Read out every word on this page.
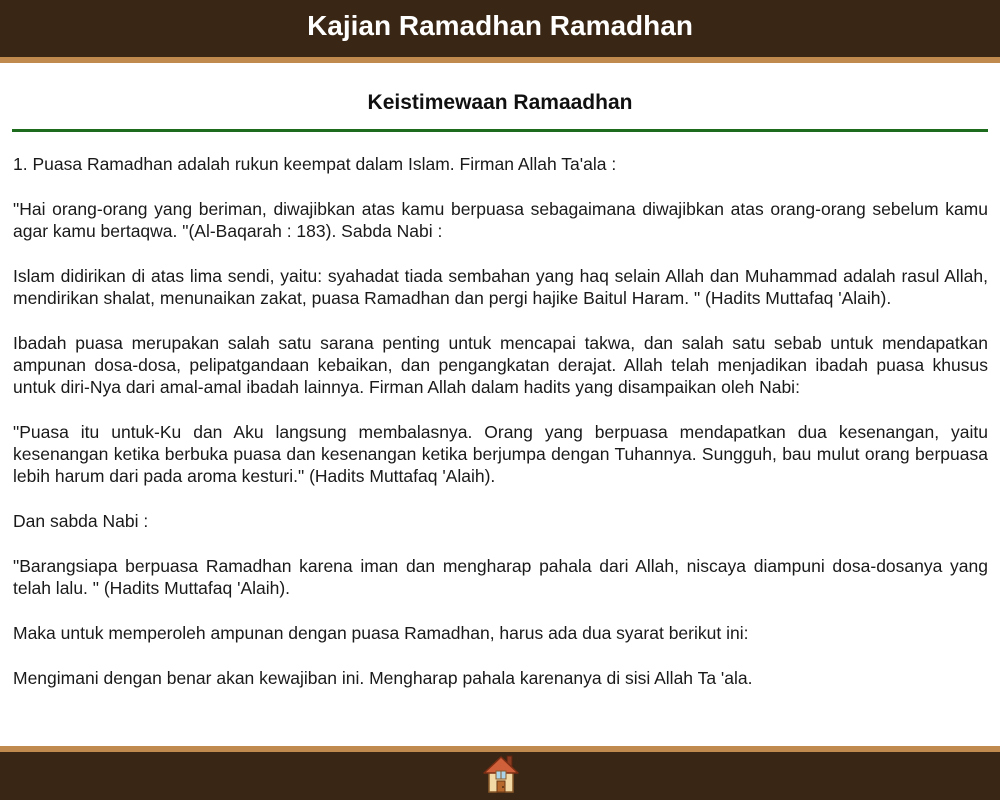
Kajian Ramadhan Ramadhan
Keistimewaan Ramaadhan

1. Puasa Ramadhan adalah rukun keempat dalam Islam. Firman Allah Ta'ala :

"Hai orang-orang yang beriman, diwajibkan atas kamu berpuasa sebagaimana diwajibkan atas orang-orang sebelum kamu agar kamu bertaqwa. "(Al-Baqarah : 183). Sabda Nabi :

Islam didirikan di atas lima sendi, yaitu: syahadat tiada sembahan yang haq selain Allah dan Muhammad adalah rasul Allah, mendirikan shalat, menunaikan zakat, puasa Ramadhan dan pergi hajike Baitul Haram. " (Hadits Muttafaq 'Alaih).

Ibadah puasa merupakan salah satu sarana penting untuk mencapai takwa, dan salah satu sebab untuk mendapatkan ampunan dosa-dosa, pelipatgandaan kebaikan, dan pengangkatan derajat. Allah telah menjadikan ibadah puasa khusus untuk diri-Nya dari amal-amal ibadah lainnya. Firman Allah dalam hadits yang disampaikan oleh Nabi:

"Puasa itu untuk-Ku dan Aku langsung membalasnya. Orang yang berpuasa mendapatkan dua kesenangan, yaitu kesenangan ketika berbuka puasa dan kesenangan ketika berjumpa dengan Tuhannya. Sungguh, bau mulut orang berpuasa lebih harum dari pada aroma kesturi." (Hadits Muttafaq 'Alaih).

Dan sabda Nabi :

"Barangsiapa berpuasa Ramadhan karena iman dan mengharap pahala dari Allah, niscaya diampuni dosa-dosanya yang telah lalu. " (Hadits Muttafaq 'Alaih).

Maka untuk memperoleh ampunan dengan puasa Ramadhan, harus ada dua syarat berikut ini:

Mengimani dengan benar akan kewajiban ini. Mengharap pahala karenanya di sisi Allah Ta 'ala.
